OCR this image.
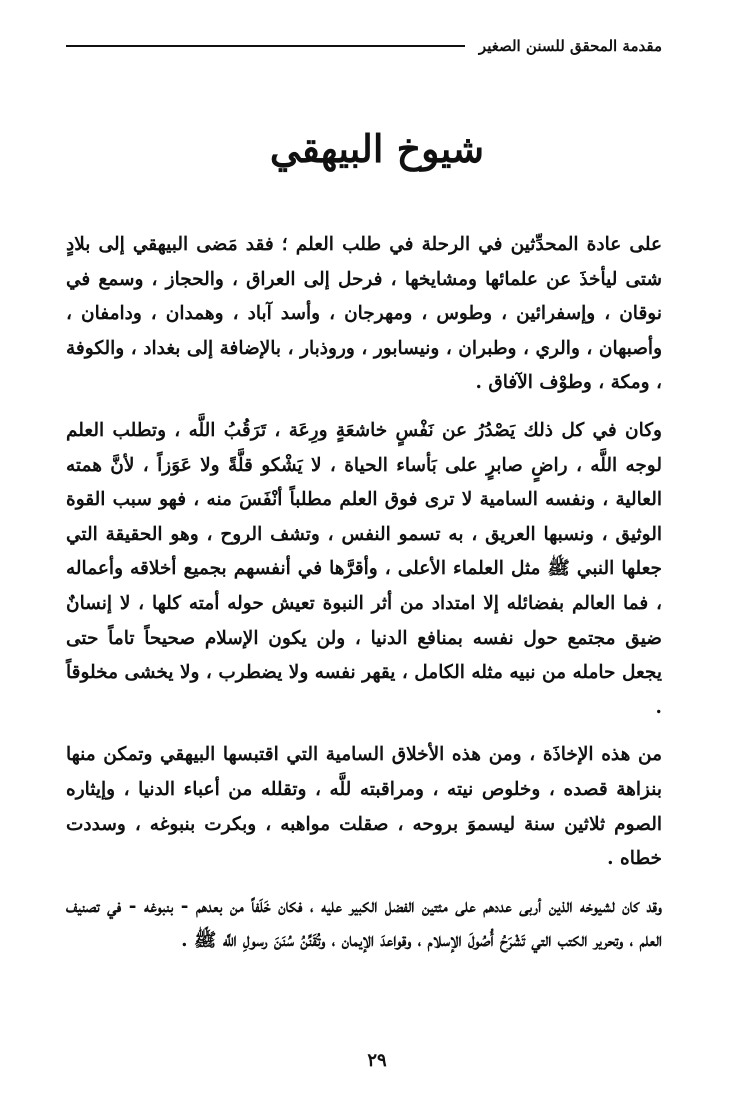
مقدمة المحقق للسنن الصغير
شيوخ البيهقي

على عادة المحدِّثين في الرحلة في طلب العلم ؛ فقد مَضى البيهقي إلى بلادٍ شتى ليأخذَ عن علمائها ومشايخها ، فرحل إلى العراق ، والحجاز ، وسمع في نوقان ، وإسفرائين ، وطوس ، ومهرجان ، وأسد آباد ، وهمدان ، ودامفان ، وأصبهان ، والري ، وطبران ، ونيسابور ، وروذبار ، بالإضافة إلى بغداد ، والكوفة ، ومكة ، وطوْف الآفاق .

وكان في كل ذلك يَصْدُرُ عن نَفْسٍ خاشعَةٍ ورِعَة ، تَرَقُبُ اللَّه ، وتطلب العلم لوجه اللَّه ، راضٍ صابرٍ على بَأساء الحياة ، لا يَشْكو قلَّةً ولا عَوَزاً ، لأنَّ همته العالية ، ونفسه السامية لا ترى فوق العلم مطلباً أنْفَسَ منه ، فهو سبب القوة الوثيق ، ونسبها العريق ، به تسمو النفس ، وتشف الروح ، وهو الحقيقة التي جعلها النبي ﷺ مثل العلماء الأعلى ، وأقرَّها في أنفسهم بجميع أخلاقه وأعماله ، فما العالم بفضائله إلا امتداد من أثر النبوة تعيش حوله أمته كلها ، لا إنسانٌ ضيق مجتمع حول نفسه بمنافع الدنيا ، ولن يكون الإسلام صحيحاً تاماً حتى يجعل حامله من نبيه مثله الكامل ، يقهر نفسه ولا يضطرب ، ولا يخشى مخلوقاً .

من هذه الإخاذَة ، ومن هذه الأخلاق السامية التي اقتبسها البيهقي وتمكن منها بنزاهة قصده ، وخلوص نيته ، ومراقبته للَّه ، وتقلله من أعباء الدنيا ، وإيثاره الصوم ثلاثين سنة ليسموَ بروحه ، صقلت مواهبه ، وبكرت بنبوغه ، وسددت خطاه .

وقد كان لشيوخه الذين أربى عددهم على مئتين الفضل الكبير عليه ، فكان خَلَفاً من بعدهم - بنبوغه - في تصنيف العلم ، وتحرير الكتب التي تَشْرَحُ أُصُولَ الإسلام ، وقواعدَ الإيمان ، وتُقَنِّنُ سُنَنَ رسولِ اللَّه ﷺ .

٢٩
